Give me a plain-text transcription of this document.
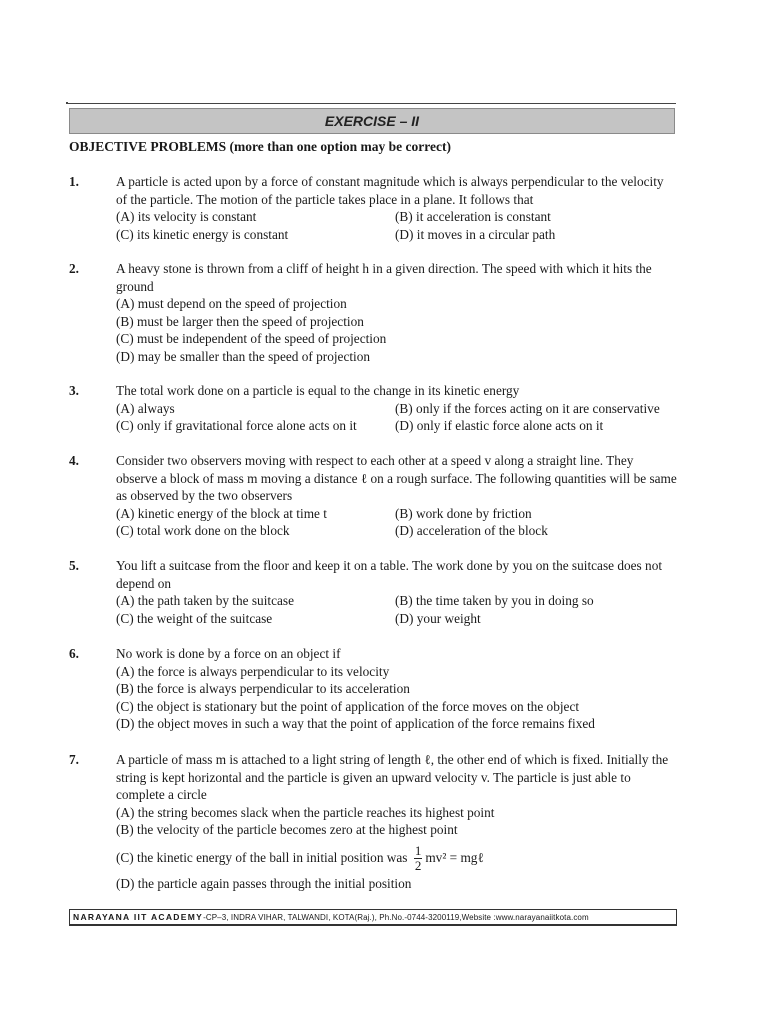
EXERCISE – II
OBJECTIVE PROBLEMS (more than one option may be correct)
1.	A particle is acted upon by a force of constant magnitude which is always perpendicular to the velocity of the particle. The motion of the particle takes place in a plane. It follows that
(A) its velocity is constant	(B) it acceleration is constant
(C) its kinetic energy is constant	(D) it moves in a circular path
2.	A heavy stone is thrown from a cliff of height h in a given direction. The speed with which it hits the ground
(A) must depend on the speed of projection
(B) must be larger then the speed of projection
(C) must be independent of the speed of projection
(D) may be smaller than the speed of projection
3.	The total work done on a particle is equal to the change in its kinetic energy
(A) always	(B) only if the forces acting on it are conservative
(C) only if gravitational force alone acts on it	(D) only if elastic force alone acts on it
4.	Consider two observers moving with respect to each other at a speed v along a straight line. They observe a block of mass m moving a distance ℓ on a rough surface. The following quantities will be same as observed by the two observers
(A) kinetic energy of the block at time t	(B) work done by friction
(C) total work done on the block	(D) acceleration of the block
5.	You lift a suitcase from the floor and keep it on a table. The work done by you on the suitcase does not depend on
(A) the path taken by the suitcase	(B) the time taken by you in doing so
(C) the weight of the suitcase	(D) your weight
6.	No work is done by a force on an object if
(A) the force is always perpendicular to its velocity
(B) the force is always perpendicular to its acceleration
(C) the object is stationary but the point of application of the force moves on the object
(D) the object moves in such a way that the point of application of the force remains fixed
7.	A particle of mass m is attached to a light string of length ℓ, the other end of which is fixed. Initially the string is kept horizontal and the particle is given an upward velocity v. The particle is just able to complete a circle
(A) the string becomes slack when the particle reaches its highest point
(B) the velocity of the particle becomes zero at the highest point
(C) the kinetic energy of the ball in initial position was $\frac{1}{2} mv^2$ = mgℓ
(D) the particle again passes through the initial position
NARAYANA IIT ACADEMY-CP–3, INDRA VIHAR, TALWANDI, KOTA(Raj.), Ph.No.-0744-3200119,Website :www.narayanaiitkota.com
